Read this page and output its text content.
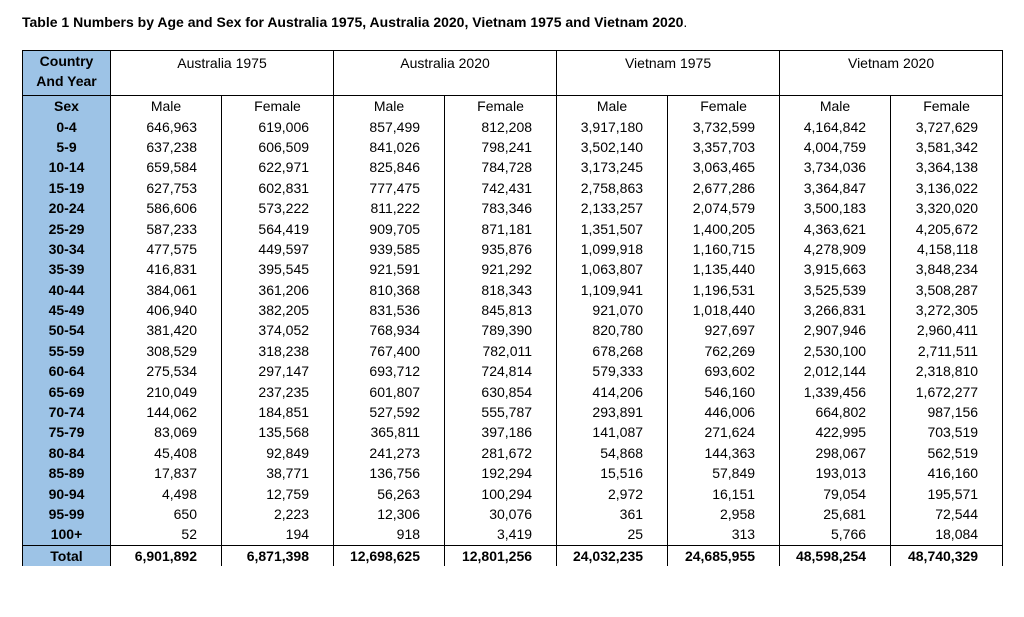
Table 1 Numbers by Age and Sex for Australia 1975, Australia 2020, Vietnam 1975 and Vietnam 2020.
Country And Year	Australia 1975		Australia 2020		Vietnam 1975		Vietnam 2020	
Sex	Male	Female	Male	Female	Male	Female	Male	Female
0-4	646,963	619,006	857,499	812,208	3,917,180	3,732,599	4,164,842	3,727,629
5-9	637,238	606,509	841,026	798,241	3,502,140	3,357,703	4,004,759	3,581,342
10-14	659,584	622,971	825,846	784,728	3,173,245	3,063,465	3,734,036	3,364,138
15-19	627,753	602,831	777,475	742,431	2,758,863	2,677,286	3,364,847	3,136,022
20-24	586,606	573,222	811,222	783,346	2,133,257	2,074,579	3,500,183	3,320,020
25-29	587,233	564,419	909,705	871,181	1,351,507	1,400,205	4,363,621	4,205,672
30-34	477,575	449,597	939,585	935,876	1,099,918	1,160,715	4,278,909	4,158,118
35-39	416,831	395,545	921,591	921,292	1,063,807	1,135,440	3,915,663	3,848,234
40-44	384,061	361,206	810,368	818,343	1,109,941	1,196,531	3,525,539	3,508,287
45-49	406,940	382,205	831,536	845,813	921,070	1,018,440	3,266,831	3,272,305
50-54	381,420	374,052	768,934	789,390	820,780	927,697	2,907,946	2,960,411
55-59	308,529	318,238	767,400	782,011	678,268	762,269	2,530,100	2,711,511
60-64	275,534	297,147	693,712	724,814	579,333	693,602	2,012,144	2,318,810
65-69	210,049	237,235	601,807	630,854	414,206	546,160	1,339,456	1,672,277
70-74	144,062	184,851	527,592	555,787	293,891	446,006	664,802	987,156
75-79	83,069	135,568	365,811	397,186	141,087	271,624	422,995	703,519
80-84	45,408	92,849	241,273	281,672	54,868	144,363	298,067	562,519
85-89	17,837	38,771	136,756	192,294	15,516	57,849	193,013	416,160
90-94	4,498	12,759	56,263	100,294	2,972	16,151	79,054	195,571
95-99	650	2,223	12,306	30,076	361	2,958	25,681	72,544
100+	52	194	918	3,419	25	313	5,766	18,084
Total	6,901,892	6,871,398	12,698,625	12,801,256	24,032,235	24,685,955	48,598,254	48,740,329
